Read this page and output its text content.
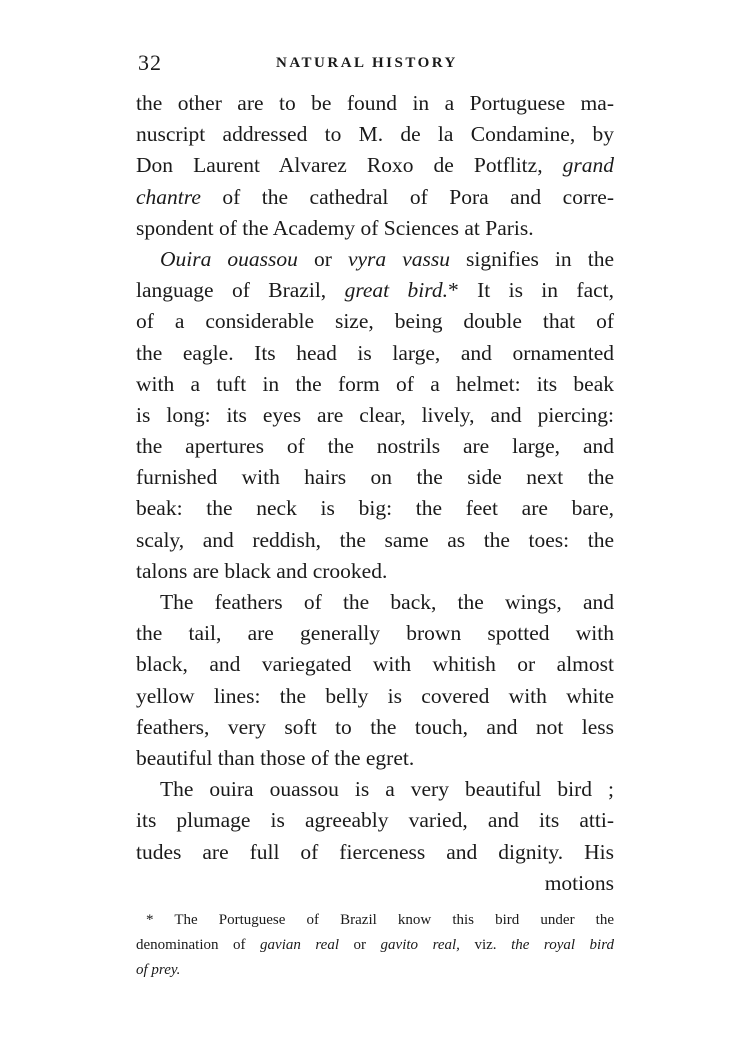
32	NATURAL HISTORY
the other are to be found in a Portuguese ma-
nuscript addressed to M. de la Condamine, by
Don Laurent Alvarez Roxo de Potflitz, grand
chantre of the cathedral of Pora and corre-
spondent of the Academy of Sciences at Paris.
Ouira ouassou or vyra vassu signifies in the
language of Brazil, great bird.* It is in fact,
of a considerable size, being double that of
the eagle. Its head is large, and ornamented
with a tuft in the form of a helmet: its beak
is long: its eyes are clear, lively, and piercing:
the apertures of the nostrils are large, and
furnished with hairs on the side next the
beak: the neck is big: the feet are bare,
scaly, and reddish, the same as the toes: the
talons are black and crooked.
The feathers of the back, the wings, and
the tail, are generally brown spotted with
black, and variegated with whitish or almost
yellow lines: the belly is covered with white
feathers, very soft to the touch, and not less
beautiful than those of the egret.
The ouira ouassou is a very beautiful bird ;
its plumage is agreeably varied, and its atti-
tudes are full of fierceness and dignity. His
motions
* The Portuguese of Brazil know this bird under the
denomination of gavian real or gavito real, viz. the royal bird
of prey.
